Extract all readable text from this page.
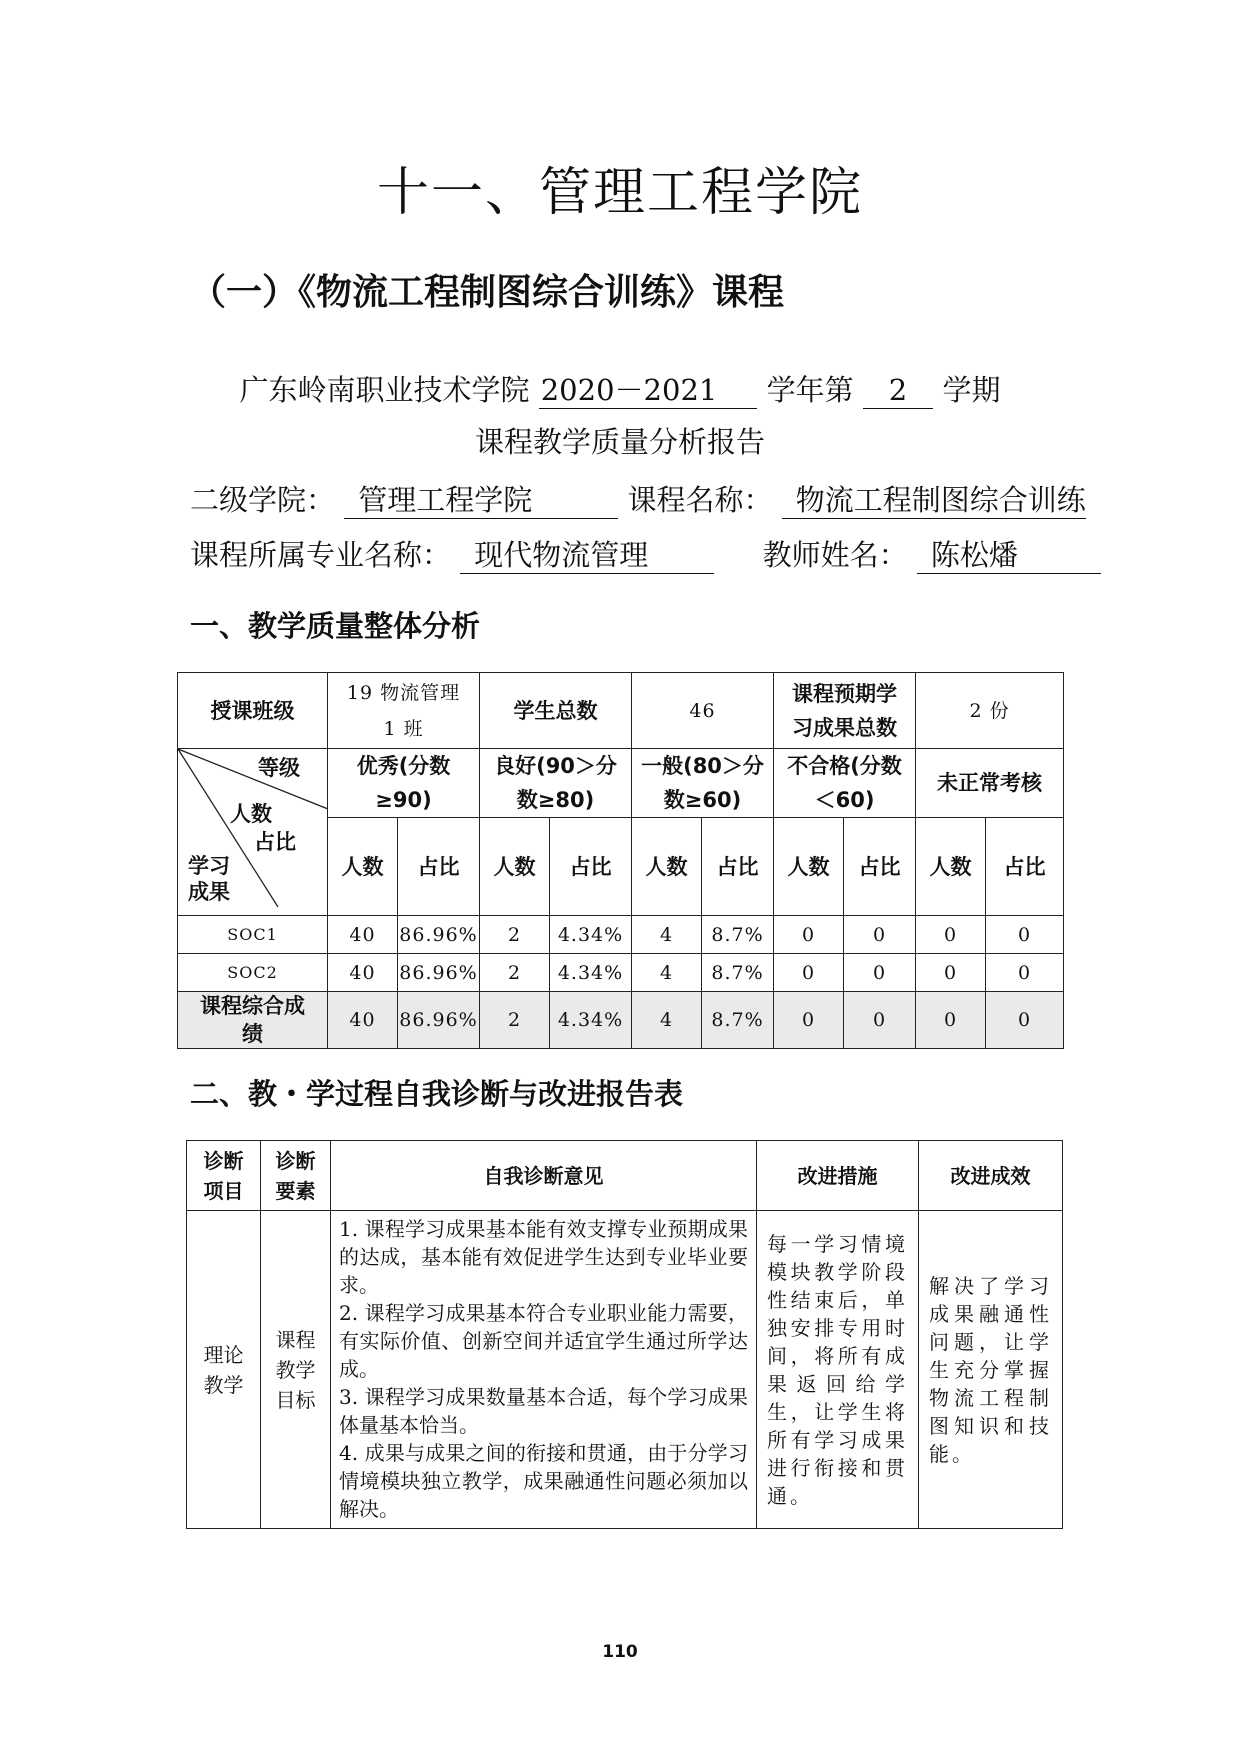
十一、管理工程学院
（一）《物流工程制图综合训练》课程
广东岭南职业技术学院 2020－2021 学年第 2 学期
课程教学质量分析报告
二级学院： 管理工程学院	课程名称： 物流工程制图综合训练
课程所属专业名称： 现代物流管理	教师姓名： 陈松燔
一、教学质量整体分析
授课班级	19 物流管理 1 班		学生总数		46		课程预期学习成果总数		2 份	

等级
人数
占比
学习
成果	优秀(分数≥90)		良好(90＞分数≥80)		一般(80＞分数≥60)		不合格(分数＜60)		未正常考核	
	人数	占比	人数	占比	人数	占比	人数	占比	人数	占比
SOC1	40	86.96%	2	4.34%	4	8.7%	0	0	0	0
SOC2	40	86.96%	2	4.34%	4	8.7%	0	0	0	0
课程综合成绩	40	86.96%	2	4.34%	4	8.7%	0	0	0	0
二、教・学过程自我诊断与改进报告表
诊断项目	诊断要素	自我诊断意见	改进措施	改进成效
理论教学	课程教学目标	1. 课程学习成果基本能有效支撑专业预期成果的达成，基本能有效促进学生达到专业毕业要求。

2. 课程学习成果基本符合专业职业能力需要，有实际价值、创新空间并适宜学生通过所学达成。

3. 课程学习成果数量基本合适，每个学习成果体量基本恰当。

4. 成果与成果之间的衔接和贯通，由于分学习情境模块独立教学，成果融通性问题必须加以解决。	每一学习情境模块教学阶段性结束后，单独安排专用时间，将所有成果返回给学生，让学生将所有学习成果进行衔接和贯通。	解决了学习成果融通性问题，让学生充分掌握物流工程制图知识和技能。
110
